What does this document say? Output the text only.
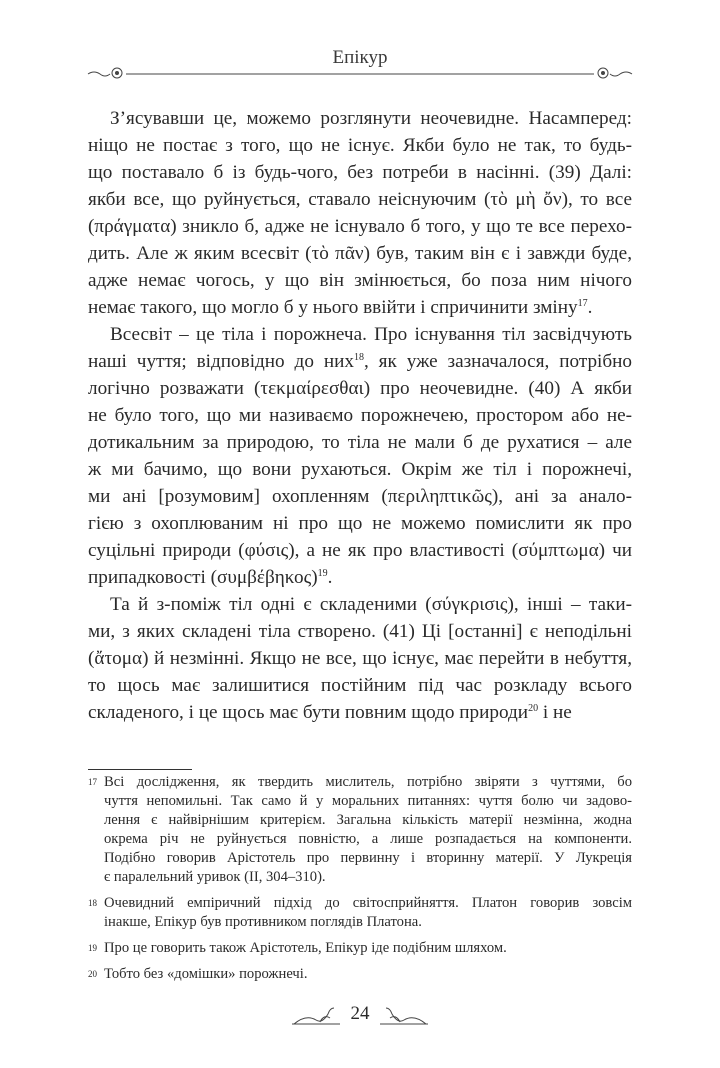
Епікур
З’ясувавши це, можемо розглянути неочевидне. Насамперед:
ніщо не постає з того, що не існує. Якби було не так, то будь-
що поставало б із будь-чого, без потреби в насінні. (39) Далі:
якби все, що руйнується, ставало неіснуючим (τὸ μὴ ὄν), то все
(πράγματα) зникло б, адже не існувало б того, у що те все перехо-
дить. Але ж яким всесвіт (τὸ πᾶν) був, таким він є і завжди буде,
адже немає чогось, у що він змінюється, бо поза ним нічого
немає такого, що могло б у нього ввійти і спричинити зміну$^{17}$.
Всесвіт – це тіла і порожнеча. Про існування тіл засвідчують
наші чуття; відповідно до них$^{18}$, як уже зазначалося, потрібно
логічно розважати (τεκμαίρεσθαι) про неочевидне. (40) А якби
не було того, що ми називаємо порожнечею, простором або не-
дотикальним за природою, то тіла не мали б де рухатися – але
ж ми бачимо, що вони рухаються. Окрім же тіл і порожнечі,
ми ані [розумовим] охопленням (περιληπτικῶς), ані за анало-
гією з охоплюваним ні про що не можемо помислити як про
суцільні природи (φύσις), а не як про властивості (σύμπτωμα) чи
припадковості $(\sigma\upsilon\mu\beta έ\beta\eta\kappa o\varsigma)^{19}$.
Та й з-поміж тіл одні є складеними (σύγκρισις), інші – таки-
ми, з яких складені тіла створено. (41) Ці [останні] є неподільні
(ἄτομα) й незмінні. Якщо не все, що існує, має перейти в небуття,
то щось має залишитися постійним під час розкладу всього
складеного, і це щось має бути повним щодо природи$^{20}$ і не
17 Всі дослідження, як твердить мислитель, потрібно звіряти з чуттями, бо
чуття непомильні. Так само й у моральних питаннях: чуття болю чи задово-
лення є найвірнішим критерієм. Загальна кількість матерії незмінна, жодна
окрема річ не руйнується повністю, а лише розпадається на компоненти.
Подібно говорив Арістотель про первинну і вторинну матерії. У Лукреція
є паралельний уривок (II, 304–310).
18 Очевидний емпіричний підхід до світосприйняття. Платон говорив зовсім
інакше, Епікур був противником поглядів Платона.
19 Про це говорить також Арістотель, Епікур іде подібним шляхом.
20 Тобто без «домішки» порожнечі.
24
